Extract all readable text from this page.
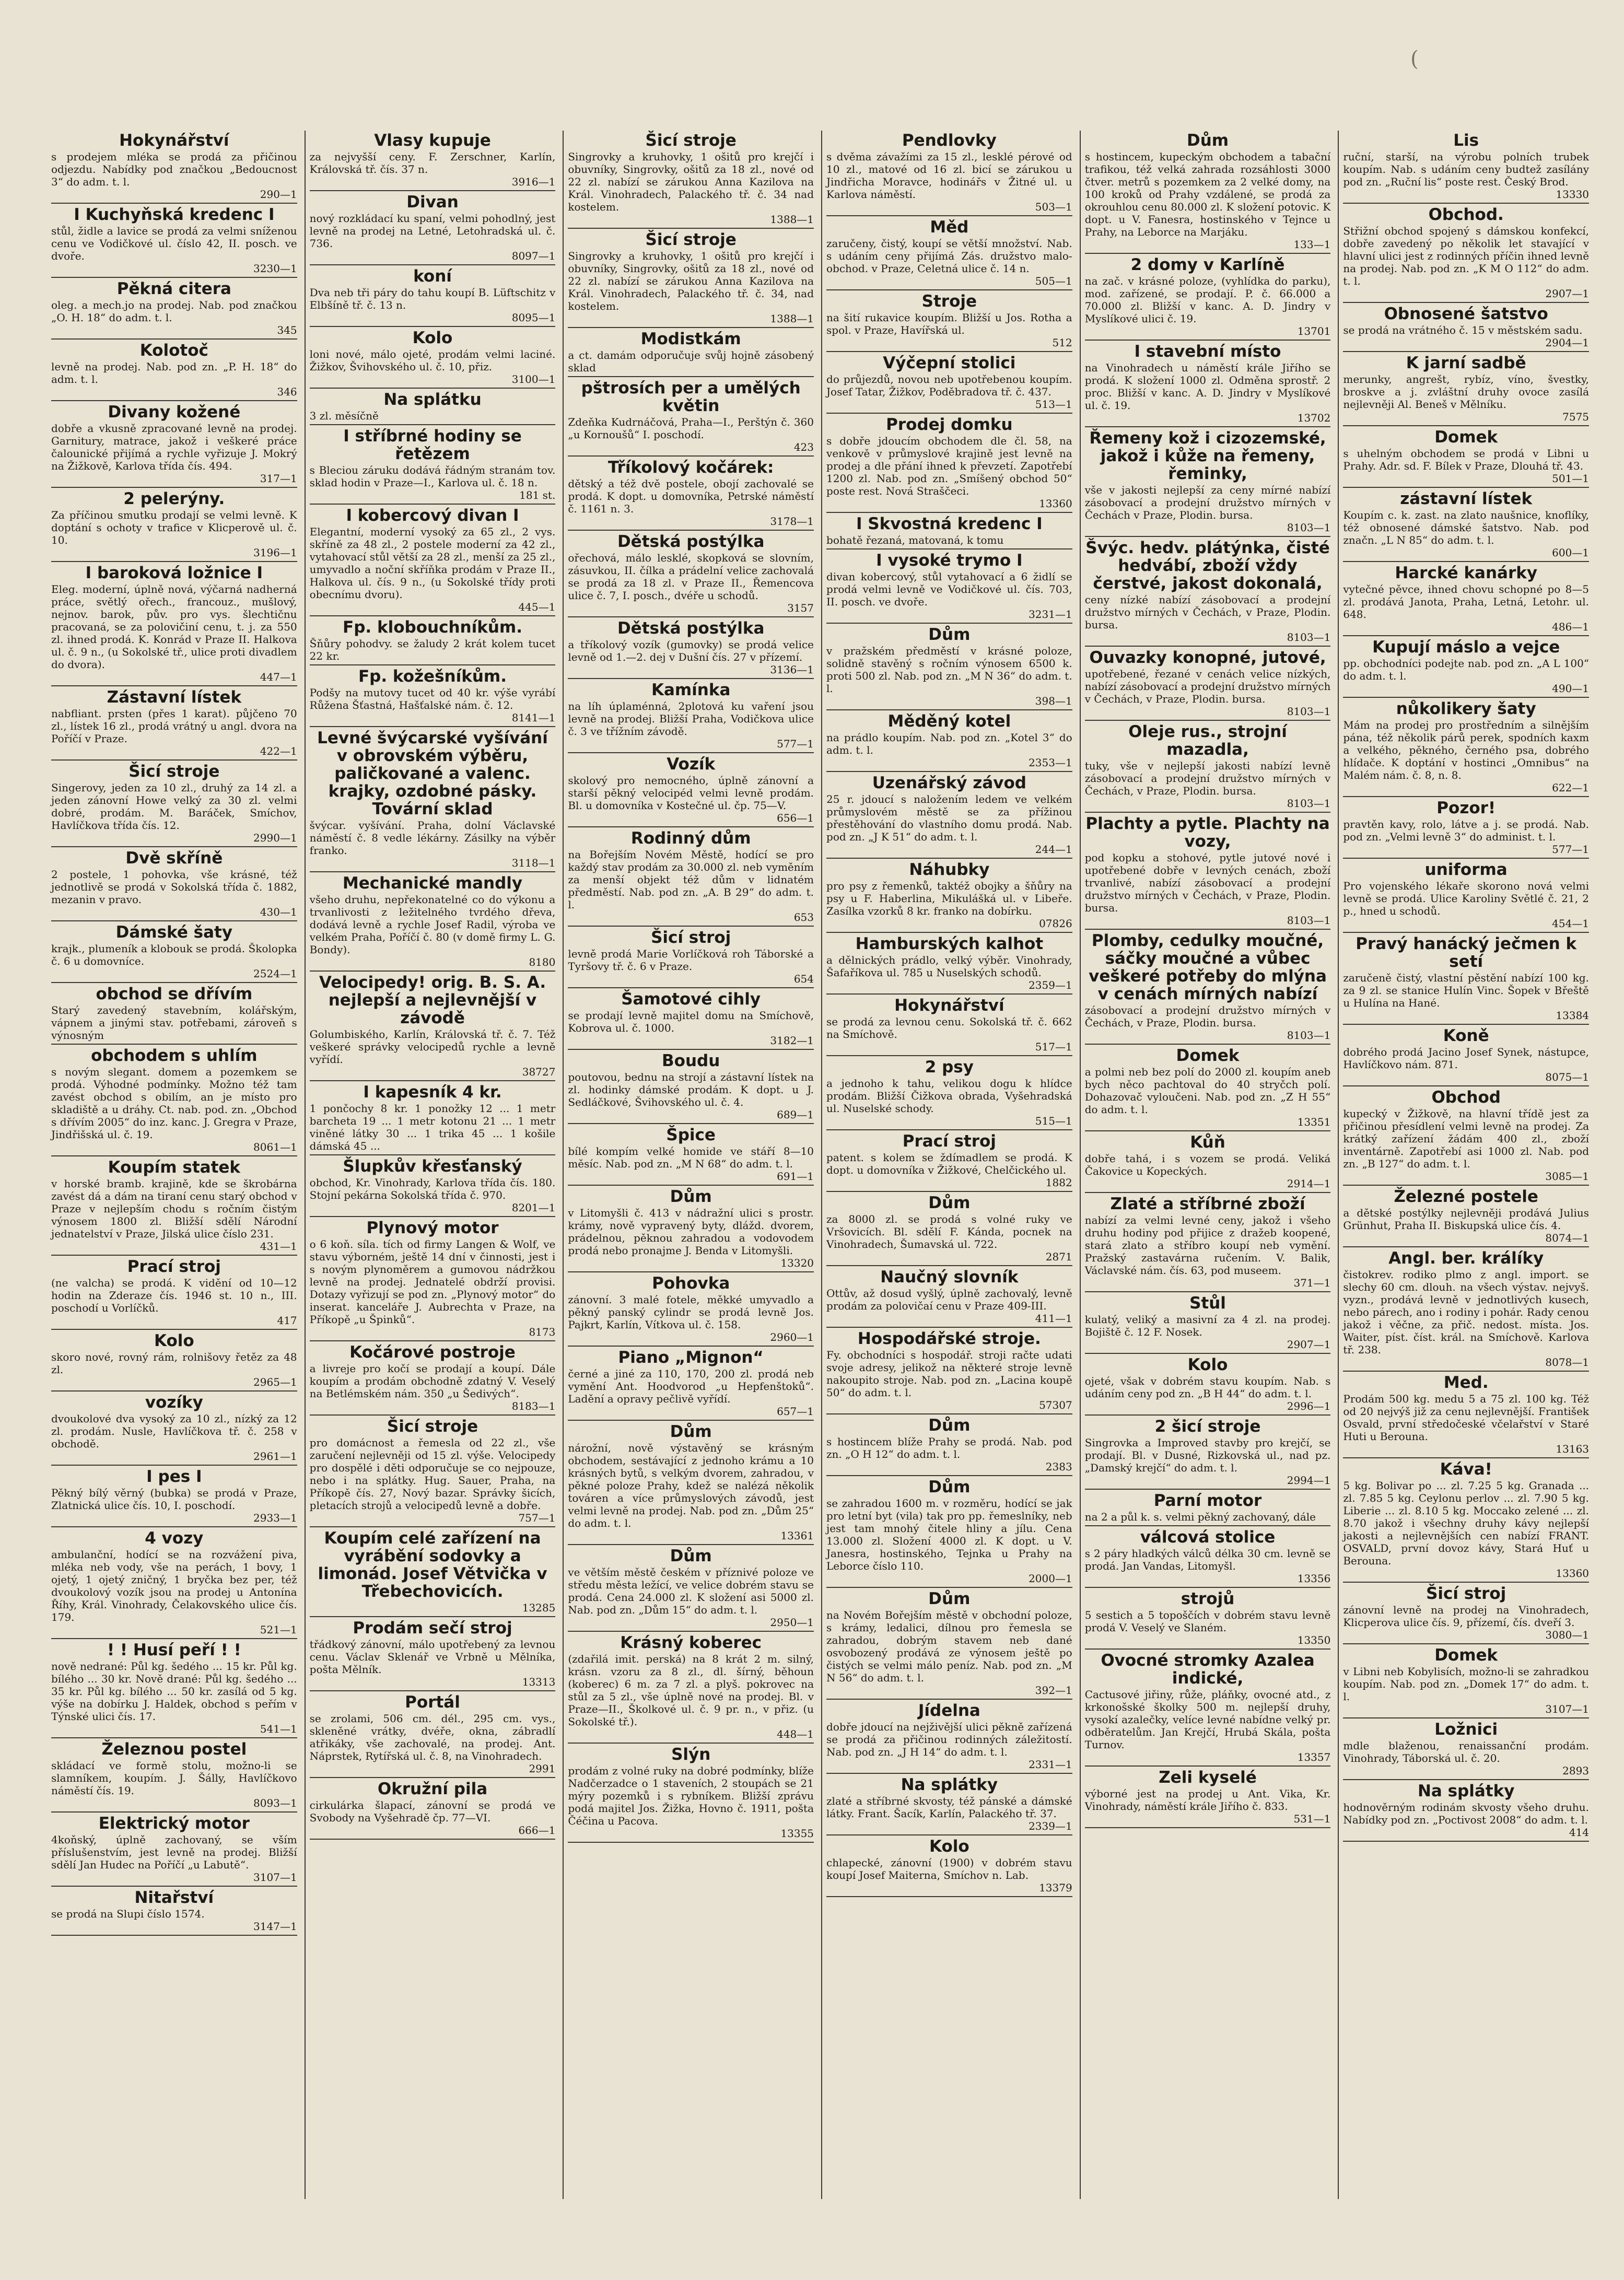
(
Hokynářství

s prodejem mléka se prodá za přičinou odjezdu. Nabídky pod značkou „Bedoucnost 3“ do adm. t. l.

290—1

I Kuchyňská kredenc I

stůl, židle a lavice se prodá za velmi sníženou cenu ve Vodičkové ul. číslo 42, II. posch. ve dvoře.

3230—1

Pěkná citera

oleg. a mech.jo na prodej. Nab. pod značkou „O. H. 18“ do adm. t. l.

345

Kolotoč

levně na prodej. Nab. pod zn. „P. H. 18“ do adm. t. l.

346

Divany kožené

dobře a vkusně zpracované levně na prodej. Garnitury, matrace, jakož i veškeré práce čalounické přijímá a rychle vyřizuje J. Mokrý na Žižkově, Karlova třída čís. 494.

317—1

2 pelerýny.

Za příčinou smutku prodají se velmi levně. K doptání s ochoty v trafice v Klicperově ul. č. 10.

3196—1

I baroková ložnice I

Eleg. moderní, úplně nová, výčarná nadherná práce, světlý ořech., francouz., mušlový, nejnov. barok, pův. pro vys. šlechtičnu pracovaná, se za polovičiní cenu, t. j. za 550 zl. ihned prodá. K. Konrád v Praze II. Halkova ul. č. 9 n., (u Sokolské tř., ulice proti divadlem do dvora).

447—1

Zástavní lístek

nabfliant. prsten (přes 1 karat). půjčeno 70 zl., lístek 16 zl., prodá vrátný u angl. dvora na Poříčí v Praze.

422—1

Šicí stroje

Singerovy, jeden za 10 zl., druhý za 14 zl. a jeden zánovní Howe velký za 30 zl. velmi dobré, prodám. M. Baráček, Smíchov, Havlíčkova třída čís. 12.

2990—1

Dvě skříně

2 postele, 1 pohovka, vše krásné, též jednotlivě se prodá v Sokolská třída č. 1882, mezanin v pravo.

430—1

Dámské šaty

krajk., plumeník a klobouk se prodá. Školopka č. 6 u domovníce.

2524—1

obchod se dřívím

Starý zavedený stavebním, kolářským, vápnem a jinými stav. potřebami, zároveň s výnosným

obchodem s uhlím

s novým slegant. domem a pozemkem se prodá. Výhodné podmínky. Možno též tam zavést obchod s obilím, an je místo pro skladiště a u dráhy. Ct. nab. pod. zn. „Obchod s dřívím 2005“ do inz. kanc. J. Gregra v Praze, Jindřišská ul. č. 19.

8061—1

Koupím statek

v horské bramb. krajině, kde se škrobárna zavést dá a dám na tiraní cenu starý obchod v Praze v nejlepším chodu s ročním čistým výnosem 1800 zl. Bližší sdělí Národní jednatelství v Praze, Jilská ulice číslo 231.

431—1

Prací stroj

(ne valcha) se prodá. K vidění od 10—12 hodin na Zderaze čís. 1946 st. 10 n., III. poschodí u Vorlíčků.

417

Kolo

skoro nové, rovný rám, rolnišovy řetěz za 48 zl.

2965—1

vozíky

dvoukolové dva vysoký za 10 zl., nízký za 12 zl. prodám. Nusle, Havlíčkova tř. č. 258 v obchodě.

2961—1

I pes I

Pěkný bílý věrný (bubka) se prodá v Praze, Zlatnická ulice čís. 10, I. poschodí.

2933—1

4 vozy

ambulanční, hodící se na rozvážení piva, mléka neb vody, vše na perách, 1 bovy, 1 ojetý, 1 ojetý zničný, 1 bryčka bez per, též dvoukolový vozík jsou na prodej u Antonína Říhy, Král. Vinohrady, Čelakovského ulice čís. 179.

521—1

! ! Husí peří ! !

nově nedrané: Půl kg. šedého ... 15 kr. Půl kg. bílého ... 30 kr. Nově drané: Půl kg. šedého ... 35 kr. Půl kg. bílého ... 50 kr. zasílá od 5 kg. výše na dobírku J. Haldek, obchod s peřím v Týnské ulici čís. 17.

541—1

Železnou postel

skládací ve formě stolu, možno-li se slamníkem, koupím. J. Šálly, Havlíčkovo náměstí čís. 19.

8093—1

Elektrický motor

4koňský, úplně zachovaný, se vším příslušenstvím, jest levně na prodej. Bližší sdělí Jan Hudec na Poříčí „u Labutě“.

3107—1

Nitařství

se prodá na Slupi číslo 1574.

3147—1

Vlasy kupuje

za nejvyšší ceny. F. Zerschner, Karlín, Královská tř. čís. 37 n.

3916—1

Divan

nový rozkládací ku spaní, velmi pohodlný, jest levně na prodej na Letné, Letohradská ul. č. 736.

8097—1

koní

Dva neb tři páry do tahu koupí B. Lüftschitz v Elbšíně tř. č. 13 n.

8095—1

Kolo

loni nové, málo ojeté, prodám velmi laciné. Žižkov, Švihovského ul. č. 10, přiz.

3100—1

Na splátku

3 zl. měsíčně

I stříbrné hodiny se řetězem

s Bleciou záruku dodává řádným stranám tov. sklad hodin v Praze—I., Karlova ul. č. 18 n.

181 st.

I kobercový divan I

Elegantní, moderní vysoký za 65 zl., 2 vys. skříně za 48 zl., 2 postele moderní za 42 zl., vytahovací stůl větší za 28 zl., menší za 25 zl., umyvadlo a noční skříňka prodám v Praze II., Halkova ul. čís. 9 n., (u Sokolské třídy proti obecnímu dvoru).

445—1

Fp. klobouchníkům.

Šňůry pohodvy. se žaludy 2 krát kolem tucet 22 kr.

Fp. kožešníkům.

Podšy na mutovy tucet od 40 kr. výše vyrábí Růžena Šťastná, Hašťalské nám. č. 12.

8141—1

Levné švýcarské vyšívání v obrovském výběru, paličkované a valenc. krajky, ozdobné pásky. Tovární sklad

švýcar. vyšívání. Praha, dolní Václavské náměstí č. 8 vedle lékárny. Zásilky na výběr franko.

3118—1

Mechanické mandly

všeho druhu, nepřekonatelné co do výkonu a trvanlivosti z ležitelného tvrdého dřeva, dodává levně a rychle Josef Radil, výroba ve velkém Praha, Poříčí č. 80 (v domě firmy L. G. Bondy).

8180

Velocipedy! orig. B. S. A. nejlepší a nejlevnější v závodě

Golumbiského, Karlín, Královská tř. č. 7. Též veškeré správky velocipedů rychle a levně vyřídí.

38727

I kapesník 4 kr.

1 pončochy 8 kr. 1 ponožky 12 ... 1 metr barcheta 19 ... 1 metr kotonu 21 ... 1 metr viněné látky 30 ... 1 trika 45 ... 1 košile dámská 45 ...

Šlupkův křesťanský

obchod, Kr. Vinohrady, Karlova třída čís. 180. Stojní pekárna Sokolská třída č. 970.

8201—1

Plynový motor

o 6 koň. síla. tích od firmy Langen & Wolf, ve stavu výborném, ještě 14 dní v činnosti, jest i s novým plynoměrem a gumovou nádržkou levně na prodej. Jednatelé obdrží provisi. Dotazy vyřizují se pod zn. „Plynový motor“ do inserat. kanceláře J. Aubrechta v Praze, na Příkopě „u Špinků“.

8173

Kočárové postroje

a livreje pro kočí se prodají a koupí. Dále koupím a prodám obchodně zdatný V. Veselý na Betlémském nám. 350 „u Šedivých“.

8183—1

Šicí stroje

pro domácnost a řemesla od 22 zl., vše zaručení nejlevněji od 15 zl. výše. Velocipedy pro dospělé i děti odporučuje se co nejpouze, nebo i na splátky. Hug. Sauer, Praha, na Příkopě čís. 27, Nový bazar. Správky šicích, pletacích strojů a velocipedů levně a dobře.

757—1

Koupím celé zařízení na vyrábění sodovky a limonád. Josef Větvička v Třebechovicích.

13285

Prodám sečí stroj

třádkový zánovní, málo upotřebený za levnou cenu. Václav Sklenář ve Vrbně u Mělníka, pošta Mělník.

13313

Portál

se zrolami, 506 cm. dél., 295 cm. vys., skleněné vrátky, dvéře, okna, zábradlí atřikáky, vše zachovalé, na prodej. Ant. Náprstek, Rytířská ul. č. 8, na Vinohradech.

2991

Okružní pila

cirkulárka šlapací, zánovní se prodá ve Svobody na Vyšehradě čp. 77—VI.

666—1

Šicí stroje

Singrovky a kruhovky, 1 ošitů pro krejčí i obuvníky, Singrovky, ošitů za 18 zl., nové od 22 zl. nabízí se zárukou Anna Kazilova na Král. Vinohradech, Palackého tř. č. 34 nad kostelem.

1388—1

Šicí stroje

Singrovky a kruhovky, 1 ošitů pro krejčí i obuvníky, Singrovky, ošitů za 18 zl., nové od 22 zl. nabízí se zárukou Anna Kazilova na Král. Vinohradech, Palackého tř. č. 34, nad kostelem.

1388—1

Modistkám

a ct. damám odporučuje svůj hojně zásobený sklad

pštrosích per a umělých květin

Zdeňka Kudrnáčová, Praha—I., Perštýn č. 360 „u Kornoušů“ I. poschodí.

423

Tříkolový kočárek:

dětský a též dvě postele, obojí zachovalé se prodá. K dopt. u domovníka, Petrské náměstí č. 1161 n. 3.

3178—1

Dětská postýlka

ořechová, málo lesklé, skopková se slovním, zásuvkou, II. čílka a prádelní velice zachovalá se prodá za 18 zl. v Praze II., Řemencova ulice č. 7, I. posch., dvéře u schodů.

3157

Dětská postýlka

a tříkolový vozík (gumovky) se prodá velice levně od 1.—2. dej v Dušní čís. 27 v přízemí.

3136—1

Kamínka

na líh úplaménná, 2plotová ku vaření jsou levně na prodej. Bližší Praha, Vodičkova ulice č. 3 ve třížním závodě.

577—1

Vozík

skolový pro nemocného, úplně zánovní a starší pěkný velocipéd velmi levně prodám. Bl. u domovníka v Kostečné ul. čp. 75—V.

656—1

Rodinný dům

na Bořejším Novém Městě, hodící se pro každý stav prodám za 30.000 zl. neb vyměním za menší objekt též dům v lidnatém předměstí. Nab. pod zn. „A. B 29“ do adm. t. l.

653

Šicí stroj

levně prodá Marie Vorlíčková roh Táborské a Tyršovy tř. č. 6 v Praze.

654

Šamotové cihly

se prodají levně majitel domu na Smíchově, Kobrova ul. č. 1000.

3182—1

Boudu

poutovou, bednu na strojí a zástavní lístek na zl. hodinky dámské prodám. K dopt. u J. Sedláčkové, Švihovského ul. č. 4.

689—1

Špice

bílé kompím velké homide ve stáří 8—10 měsíc. Nab. pod zn. „M N 68“ do adm. t. l.

691—1

Dům

v Litomyšli č. 413 v nádražní ulici s prostr. krámy, nově vypravený byty, dlážd. dvorem, prádelnou, pěknou zahradou a vodovodem prodá nebo pronajme J. Benda v Litomyšli.

13320

Pohovka

zánovní. 3 malé fotele, měkké umyvadlo a pěkný panský cylindr se prodá levně Jos. Pajkrt, Karlín, Vítkova ul. č. 158.

2960—1

Piano „Mignon“

černé a jiné za 110, 170, 200 zl. prodá neb vymění Ant. Hoodvorod „u Hepfenštoků“. Ladění a opravy pečlivě vyřídí.

657—1

Dům

nárožní, nově výstavěný se krásným obchodem, sestávající z jednoho krámu a 10 krásných bytů, s velkým dvorem, zahradou, v pěkné poloze Prahy, kdež se nalézá několik továren a více průmyslových závodů, jest velmi levně na prodej. Nab. pod zn. „Dům 25“ do adm. t. l.

13361

Dům

ve větším městě českém v příznivé poloze ve středu města ležící, ve velice dobrém stavu se prodá. Cena 24.000 zl. K složení asi 5000 zl. Nab. pod zn. „Dům 15“ do adm. t. l.

2950—1

Krásný koberec

(zdařilá imit. perská) na 8 krát 2 m. silný, krásn. vzoru za 8 zl., dl. šírný, běhoun (koberec) 6 m. za 7 zl. a plyš. pokrovec na stůl za 5 zl., vše úplně nové na prodej. Bl. v Praze—II., Školkové ul. č. 9 pr. n., v přiz. (u Sokolské tř.).

448—1

Slýn

prodám z volné ruky na dobré podmínky, blíže Nadčerzadce o 1 staveních, 2 stoupách se 21 mýry pozemků i s rybníkem. Bližší zprávu podá majitel Jos. Žižka, Hovno č. 1911, pošta Čéčina u Pacova.

13355

Pendlovky

s dvěma závažími za 15 zl., lesklé pérové od 10 zl., matové od 16 zl. bicí se zárukou u Jindřicha Moravce, hodinářs v Žitné ul. u Karlova náměstí.

503—1

Měd

zaručeny, čistý, koupí se větší množství. Nab. s udáním ceny přijímá Zás. družstvo malo-obchod. v Praze, Celetná ulice č. 14 n.

505—1

Stroje

na šití rukavice koupím. Bližší u Jos. Rotha a spol. v Praze, Havířská ul.

512

Výčepní stolici

do průjezdů, novou neb upotřebenou koupím. Josef Tatar, Žižkov, Poděbradova tř. č. 437.

513—1

Prodej domku

s dobře jdoucím obchodem dle čl. 58, na venkově v průmyslové krajině jest levně na prodej a dle přání ihned k převzetí. Zapotřebí 1200 zl. Nab. pod zn. „Smíšený obchod 50“ poste rest. Nová Straščeci.

13360

I Skvostná kredenc I

bohatě řezaná, matovaná, k tomu

I vysoké trymo I

divan kobercový, stůl vytahovací a 6 židlí se prodá velmi levně ve Vodičkové ul. čís. 703, II. posch. ve dvoře.

3231—1

Dům

v pražském předměstí v krásné poloze, solidně stavěný s ročním výnosem 6500 k. proti 500 zl. Nab. pod zn. „M N 36“ do adm. t. l.

398—1

Měděný kotel

na prádlo koupím. Nab. pod zn. „Kotel 3“ do adm. t. l.

2353—1

Uzenářský závod

25 r. jdoucí s naložením ledem ve velkém průmyslovém městě se za přížinou přestěhování do vlastního domu prodá. Nab. pod zn. „J K 51“ do adm. t. l.

244—1

Náhubky

pro psy z řemenků, taktéž obojky a šňůry na psy u F. Haberlina, Mikulášká ul. v Libeře. Zasílka vzorků 8 kr. franko na dobírku.

07826

Hamburských kalhot

a dělnických prádlo, velký výběr. Vinohrady, Šafaříkova ul. 785 u Nuselských schodů.

2359—1

Hokynářství

se prodá za levnou cenu. Sokolská tř. č. 662 na Smíchově.

517—1

2 psy

a jednoho k tahu, velikou dogu k hlídce prodám. Bližší Čižkova obrada, Vyšehradská ul. Nuselské schody.

515—1

Prací stroj

patent. s kolem se ždímadlem se prodá. K dopt. u domovníka v Žižkové, Chelčického ul.

1882

Dům

za 8000 zl. se prodá s volné ruky ve Vršovicích. Bl. sdělí F. Kánda, pocnek na Vinohradech, Šumavská ul. 722.

2871

Naučný slovník

Ottův, až dosud vyšlý, úplně zachovalý, levně prodám za polovičaí cenu v Praze 409-III.

411—1

Hospodářské stroje.

Fy. obchodníci s hospodář. stroji račte udati svoje adresy, jelikož na některé stroje levně nakoupito stroje. Nab. pod zn. „Lacina koupě 50“ do adm. t. l.

57307

Dům

s hostincem blíže Prahy se prodá. Nab. pod zn. „O H 12“ do adm. t. l.

2383

Dům

se zahradou 1600 m. v rozměru, hodící se jak pro letní byt (vila) tak pro pp. řemeslníky, neb jest tam mnohý čitele hliny a jílu. Cena 13.000 zl. Složení 4000 zl. K dopt. u V. Janesra, hostinského, Tejnka u Prahy na Leborce číslo 110.

2000—1

Dům

na Novém Bořejším městě v obchodní poloze, s krámy, ledalici, dílnou pro řemesla se zahradou, dobrým stavem neb dané osvobozený prodává ze výnosem ještě po čistých se velmi málo peníz. Nab. pod zn. „M N 56“ do adm. t. l.

392—1

Jídelna

dobře jdoucí na nejživější ulici pěkně zařízená se prodá za přičinou rodinných záležitostí. Nab. pod zn. „J H 14“ do adm. t. l.

2331—1

Na splátky

zlaté a stříbrné skvosty, též pánské a dámské látky. Frant. Šacík, Karlín, Palackého tř. 37.

2339—1

Kolo

chlapecké, zánovní (1900) v dobrém stavu koupí Josef Maiterna, Smíchov n. Lab.

13379

Dům

s hostincem, kupeckým obchodem a tabační trafikou, též velká zahrada rozsáhlosti 3000 čtver. metrů s pozemkem za 2 velké domy, na 100 kroků od Prahy vzdálené, se prodá za okrouhlou cenu 80.000 zl. K složení potovic. K dopt. u V. Fanesra, hostinského v Tejnce u Prahy, na Leborce na Marjáku.

133—1

2 domy v Karlíně

na zač. v krásné poloze, (vyhlídka do parku), mod. zařízené, se prodají. P. č. 66.000 a 70.000 zl. Bližší v kanc. A. D. Jindry v Myslíkové ulici č. 19.

13701

I stavební místo

na Vinohradech u náměstí krále Jiřího se prodá. K složení 1000 zl. Odměna sprostř. 2 proc. Bližší v kanc. A. D. Jindry v Myslíkové ul. č. 19.

13702

Řemeny kož i cizozemské, jakož i kůže na řemeny, řeminky,

vše v jakosti nejlepší za ceny mírné nabízí zásobovací a prodejní družstvo mírných v Čechách v Praze, Plodin. bursa.

8103—1

Švýc. hedv. plátýnka, čisté hedvábí, zboží vždy čerstvé, jakost dokonalá,

ceny nízké nabízí zásobovací a prodejní družstvo mírných v Čechách, v Praze, Plodin. bursa.

8103—1

Ouvazky konopné, jutové,

upotřebené, řezané v cenách velice nízkých, nabízí zásobovací a prodejní družstvo mírných v Čechách, v Praze, Plodin. bursa.

8103—1

Oleje rus., strojní mazadla,

tuky, vše v nejlepší jakosti nabízí levně zásobovací a prodejní družstvo mírných v Čechách, v Praze, Plodin. bursa.

8103—1

Plachty a pytle. Plachty na vozy,

pod kopku a stohové, pytle jutové nové i upotřebené dobře v levných cenách, zboží trvanlivé, nabízí zásobovací a prodejní družstvo mírných v Čechách, v Praze, Plodin. bursa.

8103—1

Plomby, cedulky moučné, sáčky moučné a vůbec veškeré potřeby do mlýna v cenách mírných nabízí

zásobovací a prodejní družstvo mírných v Čechách, v Praze, Plodin. bursa.

8103—1

Domek

a polmi neb bez polí do 2000 zl. koupím aneb bych něco pachtoval do 40 stryčch polí. Dohazovač vyloučeni. Nab. pod zn. „Z H 55“ do adm. t. l.

13351

Kůň

dobře tahá, i s vozem se prodá. Veliká Čakovice u Kopeckých.

2914—1

Zlaté a stříbrné zboží

nabízí za velmi levné ceny, jakož i všeho druhu hodiny pod přijice z dražeb koopené, stará zlato a stříbro koupí neb vymění. Pražský zastavárna ručením. V. Balik, Václavské nám. čís. 63, pod museem.

371—1

Stůl

kulatý, veliký a masivní za 4 zl. na prodej. Bojiště č. 12 F. Nosek.

2907—1

Kolo

ojeté, však v dobrém stavu koupím. Nab. s udáním ceny pod zn. „B H 44“ do adm. t. l.

2996—1

2 šicí stroje

Singrovka a Improved stavby pro krejčí, se prodají. Bl. v Dusné, Rizkovská ul., nad pz. „Damský krejčí“ do adm. t. l.

2994—1

Parní motor

na 2 a půl k. s. velmi pěkný zachovaný, dále

válcová stolice

s 2 páry hladkých válců délka 30 cm. levně se prodá. Jan Vandas, Litomyšl.

13356

strojů

5 sestich a 5 topoščích v dobrém stavu levně prodá V. Veselý ve Slaném.

13350

Ovocné stromky Azalea indické,

Cactusové jiřiny, růže, pláňky, ovocné atd., z krkonošské školky 500 m. nejlepší druhy, vysokí azalečky, velíce levné nabídne velký pr. odběratelům. Jan Krejčí, Hrubá Skála, pošta Turnov.

13357

Zeli kyselé

výborné jest na prodej u Ant. Vika, Kr. Vinohrady, náměstí krále Jiřího č. 833.

531—1

Lis

ruční, starší, na výrobu polních trubek koupím. Nab. s udáním ceny budtež zasílány pod zn. „Ruční lis“ poste rest. Český Brod.

13330

Obchod.

Střižní obchod spojený s dámskou konfekcí, dobře zavedený po několik let stavající v hlavní ulici jest z rodinných příčin ihned levně na prodej. Nab. pod zn. „K M O 112“ do adm. t. l.

2907—1

Obnosené šatstvo

se prodá na vrátného č. 15 v městském sadu.

2904—1

K jarní sadbě

merunky, angrešt, rybíz, víno, švestky, broskve a j. zvláštní druhy ovoce zasílá nejlevněji Al. Beneš v Mělníku.

7575

Domek

s uhelným obchodem se prodá v Libni u Prahy. Adr. sd. F. Bílek v Praze, Dlouhá tř. 43.

501—1

zástavní lístek

Koupím c. k. zast. na zlato naušnice, knoflíky, též obnosené dámské šatstvo. Nab. pod značn. „L N 85“ do adm. t. l.

600—1

Harcké kanárky

vytečné pěvce, ihned chovu schopné po 8—5 zl. prodává Janota, Praha, Letná, Letohr. ul. 648.

486—1

Kupují máslo a vejce

pp. obchodníci podejte nab. pod zn. „A L 100“ do adm. t. l.

490—1

nůkolikery šaty

Mám na prodej pro prostředním a silnějším pána, též několik párů perek, spodních kaxm a velkého, pěkného, černého psa, dobrého hlídače. K doptání v hostinci „Omnibus“ na Malém nám. č. 8, n. 8.

622—1

Pozor!

pravtěn kavy, rolo, látve a j. se prodá. Nab. pod zn. „Velmi levně 3“ do administ. t. l.

577—1

uniforma

Pro vojenského lékaře skorono nová velmi levně se prodá. Ulice Karoliny Světlé č. 21, 2 p., hned u schodů.

454—1

Pravý hanácký ječmen k setí

zaručeně čistý, vlastní pěstění nabízí 100 kg. za 9 zl. se stanice Hulín Vinc. Šopek v Břeště u Hulína na Hané.

13384

Koně

dobrého prodá Jacino Josef Synek, nástupce, Havlíčkovo nám. 871.

8075—1

Obchod

kupecký v Žižkově, na hlavní třídě jest za přičinou přesídlení velmi levně na prodej. Za krátký zařízení žádám 400 zl., zboží inventárně. Zapotřebí asi 1000 zl. Nab. pod zn. „B 127“ do adm. t. l.

3085—1

Železné postele

a dětské postýlky nejlevněji prodává Julius Grünhut, Praha II. Biskupská ulice čís. 4.

8074—1

Angl. ber. králíky

čistokrev. rodiko plmo z angl. import. se slechy 60 cm. dlouh. na všech výstav. nejvyš. vyzn., prodává levně v jednotlivých kusech, nebo párech, ano i rodiny i pohár. Rady cenou jakož i věčne, za přič. nedost. místa. Jos. Waiter, píst. číst. král. na Smíchově. Karlova tř. 238.

8078—1

Med.

Prodám 500 kg. medu 5 a 75 zl. 100 kg. Též od 20 nejvýš již za cenu nejlevnější. František Osvald, první středočeské včelařství v Staré Huti u Berouna.

13163

Káva!

5 kg. Bolivar po ... zl. 7.25 5 kg. Granada ... zl. 7.85 5 kg. Ceylonu perlov ... zl. 7.90 5 kg. Liberie ... zl. 8.10 5 kg. Moccako zelené ... zl. 8.70 jakož i všechny druhy kávy nejlepší jakosti a nejlevnějších cen nabízí FRANT. OSVALD, první dovoz kávy, Stará Huť u Berouna.

13360

Šicí stroj

zánovní levně na prodej na Vinohradech, Klicperova ulice čís. 9, přízemí, čís. dveří 3.

3080—1

Domek

v Libni neb Kobylisích, možno-li se zahradkou koupím. Nab. pod zn. „Domek 17“ do adm. t. l.

3107—1

Ložnici

mdle blaženou, renaissanční prodám. Vinohrady, Táborská ul. č. 20.

2893

Na splátky

hodnověrným rodinám skvosty všeho druhu. Nabídky pod zn. „Poctivost 2008“ do adm. t. l.

414
